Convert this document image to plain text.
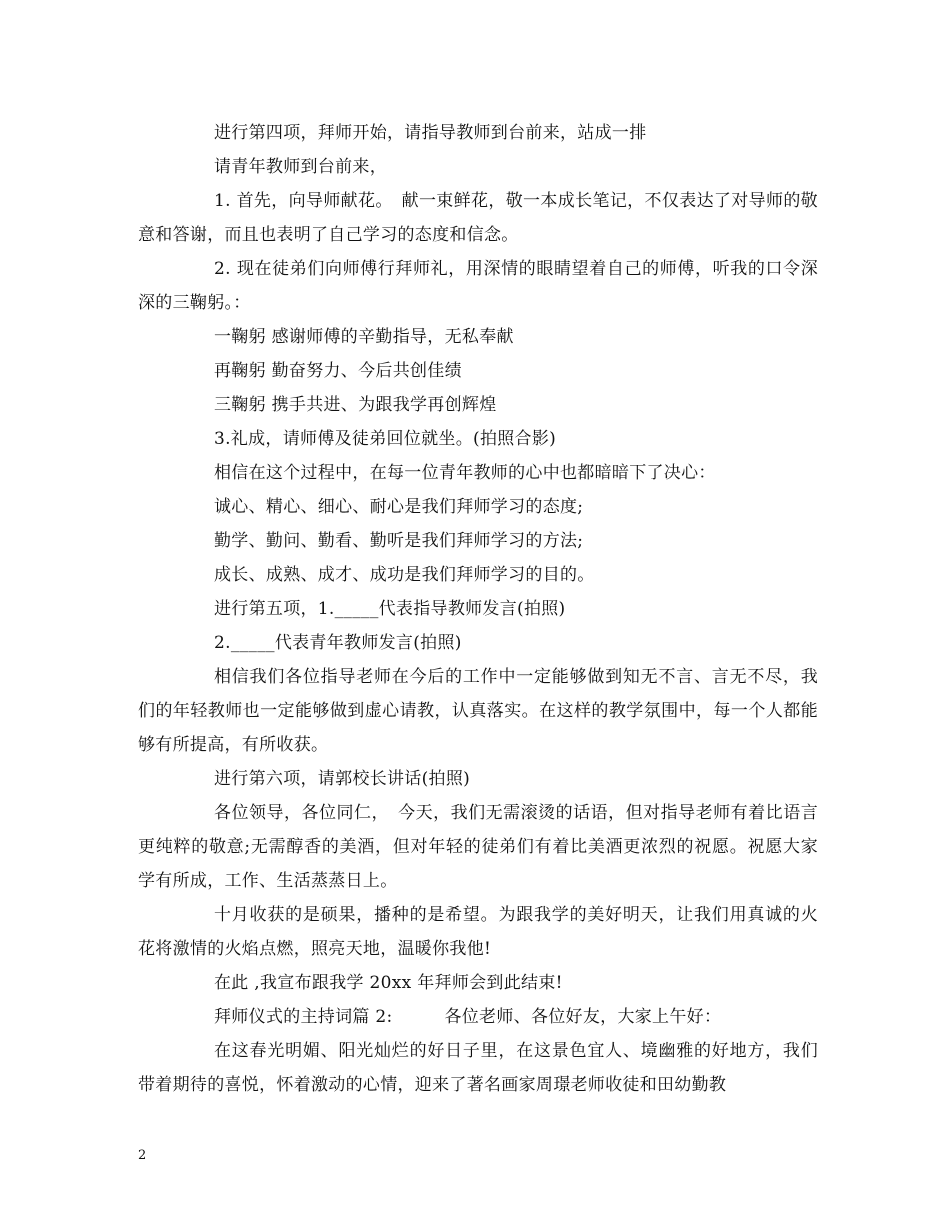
进行第四项，拜师开始，请指导教师到台前来，站成一排

请青年教师到台前来，

1. 首先，向导师献花。　献一束鲜花，敬一本成长笔记，不仅表达了对导师的敬意和答谢，而且也表明了自己学习的态度和信念。

2. 现在徒弟们向师傅行拜师礼，用深情的眼睛望着自己的师傅，听我的口令深深的三鞠躬。：

一鞠躬 感谢师傅的辛勤指导，无私奉献

再鞠躬 勤奋努力、今后共创佳绩

三鞠躬 携手共进、为跟我学再创辉煌

3.礼成，请师傅及徒弟回位就坐。(拍照合影)

相信在这个过程中，在每一位青年教师的心中也都暗暗下了决心：

诚心、精心、细心、耐心是我们拜师学习的态度;

勤学、勤问、勤看、勤听是我们拜师学习的方法;

成长、成熟、成才、成功是我们拜师学习的目的。

进行第五项，1._____代表指导教师发言(拍照)

2._____代表青年教师发言(拍照)

相信我们各位指导老师在今后的工作中一定能够做到知无不言、言无不尽，我们的年轻教师也一定能够做到虚心请教，认真落实。在这样的教学氛围中，每一个人都能够有所提高，有所收获。

进行第六项，请郭校长讲话(拍照)

各位领导，各位同仁，　今天，我们无需滚烫的话语，但对指导老师有着比语言更纯粹的敬意;无需醇香的美酒，但对年轻的徒弟们有着比美酒更浓烈的祝愿。祝愿大家学有所成，工作、生活蒸蒸日上。

十月收获的是硕果，播种的是希望。为跟我学的美好明天，让我们用真诚的火花将激情的火焰点燃，照亮天地，温暖你我他!

在此 ,我宣布跟我学 20xx 年拜师会到此结束!

拜师仪式的主持词篇 2:　　　各位老师、各位好友，大家上午好：

在这春光明媚、阳光灿烂的好日子里，在这景色宜人、境幽雅的好地方，我们带着期待的喜悦，怀着激动的心情，迎来了著名画家周璟老师收徒和田幼勤教

2
